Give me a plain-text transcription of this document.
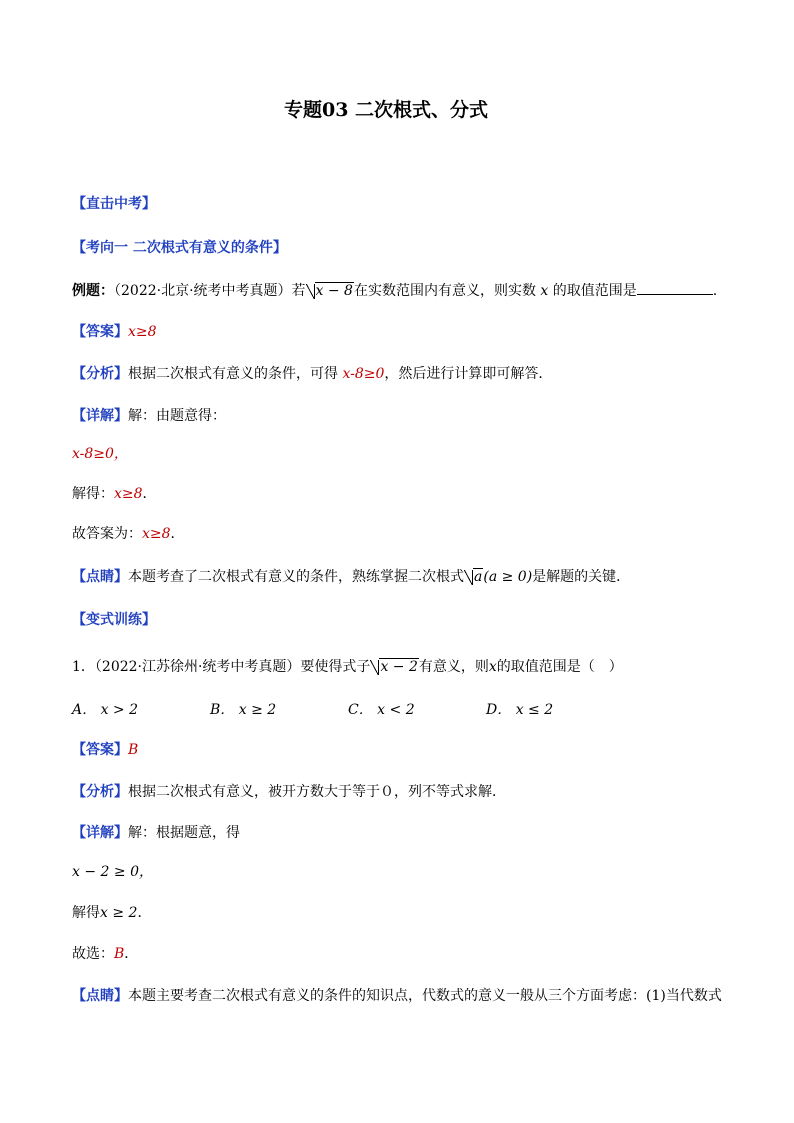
专题03 二次根式、分式
【直击中考】
【考向一 二次根式有意义的条件】
例题：（2022·北京·统考中考真题）若 x − 8在实数范围内有意义，则实数 x 的取值范围是	.
【答案】x≥8
【分析】根据二次根式有意义的条件，可得 x-8≥0，然后进行计算即可解答．
【详解】解：由题意得：
x-8≥0，
解得：x≥8．
故答案为：x≥8．
【点睛】本题考查了二次根式有意义的条件，熟练掌握二次根式 a(a ≥ 0)是解题的关键．
【变式训练】
1．（2022·江苏徐州·统考中考真题）要使得式子 x − 2有意义，则x的取值范围是（　）
A． x > 2	B． x ≥ 2	C． x < 2	D． x ≤ 2
【答案】B
【分析】根据二次根式有意义，被开方数大于等于０，列不等式求解．
【详解】解：根据题意，得
x − 2 ≥ 0，
解得x ≥ 2．
故选：B．
【点睛】本题主要考查二次根式有意义的条件的知识点，代数式的意义一般从三个方面考虑：(1)当代数式
